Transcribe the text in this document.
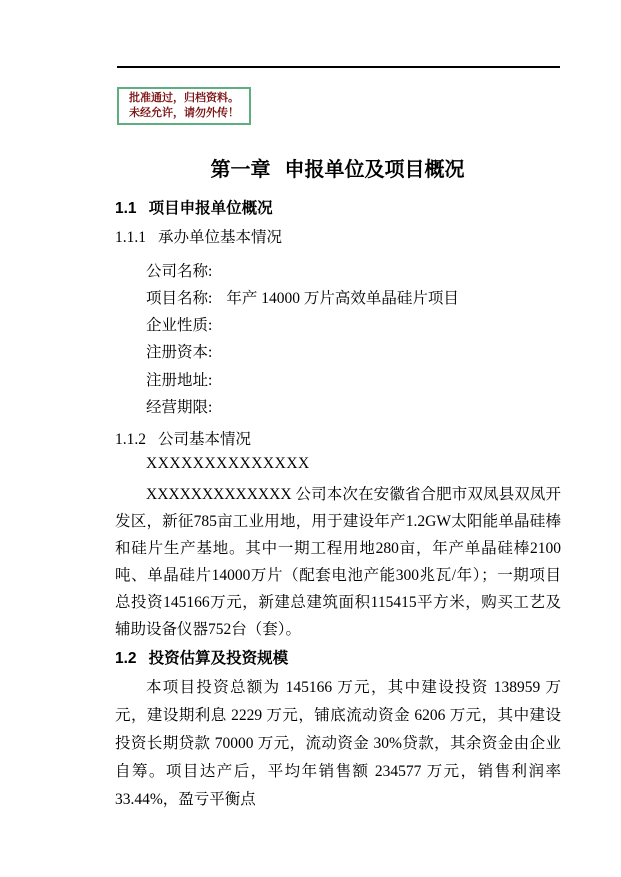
批准通过，归档资料。
未经允许，请勿外传！
第一章 申报单位及项目概况
1.1 项目申报单位概况
1.1.1 承办单位基本情况
公司名称:
项目名称: 年产 14000 万片高效单晶硅片项目
企业性质:
注册资本:
注册地址:
经营期限:
1.1.2 公司基本情况
XXXXXXXXXXXXXX
XXXXXXXXXXXXX 公司本次在安徽省合肥市双凤县双凤开发区，新征785亩工业用地，用于建设年产1.2GW太阳能单晶硅棒和硅片生产基地。其中一期工程用地280亩，年产单晶硅棒2100吨、单晶硅片14000万片（配套电池产能300兆瓦/年）；一期项目总投资145166万元，新建总建筑面积115415平方米，购买工艺及辅助设备仪器752台（套）。
1.2 投资估算及投资规模
本项目投资总额为 145166 万元，其中建设投资 138959 万元，建设期利息 2229 万元，铺底流动资金 6206 万元，其中建设投资长期贷款 70000 万元，流动资金 30%贷款，其余资金由企业自筹。项目达产后，平均年销售额 234577 万元，销售利润率 33.44%，盈亏平衡点
